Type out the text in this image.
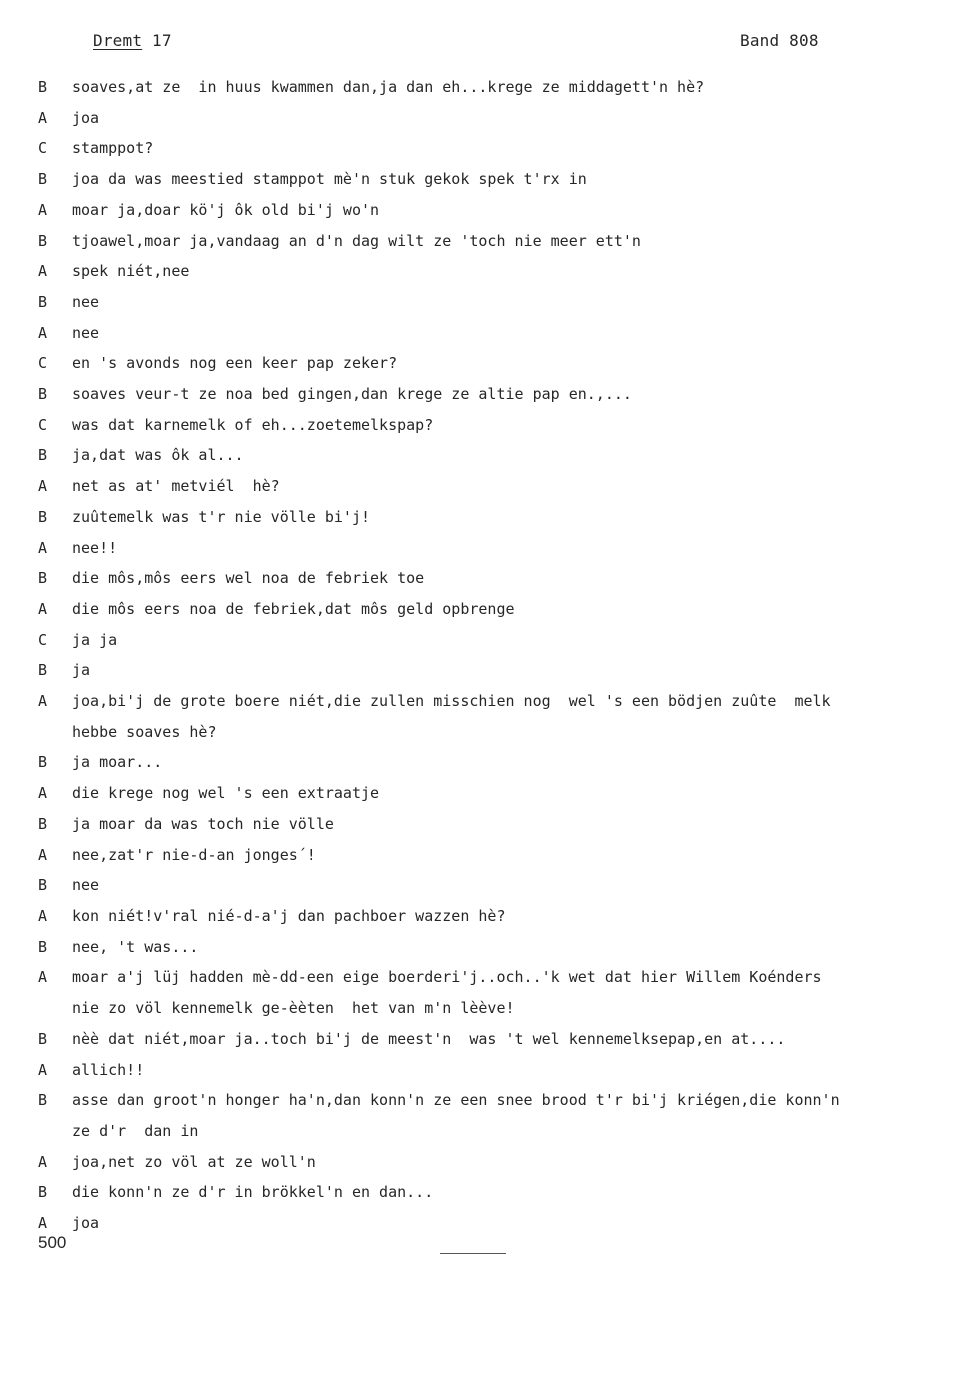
Dremt 17	Band 808
B	soaves,at ze  in huus kwammen dan,ja dan eh...krege ze middagett'n hè?
A	joa
C	stamppot?
B	joa da was meestied stamppot mè'n stuk gekok spek t'rx in
A	moar ja,doar kö'j ôk old bi'j wo'n
B	tjoawel,moar ja,vandaag an d'n dag wilt ze 'toch nie meer ett'n
A	spek niét,nee
B	nee
A	nee
C	en 's avonds nog een keer pap zeker?
B	soaves veur-t ze noa bed gingen,dan krege ze altie pap en.,...
C	was dat karnemelk of eh...zoetemelkspap?
B	ja,dat was ôk al...
A	net as at' metviél  hè?
B	zuûtemelk was t'r nie völle bi'j!
A	nee!!
B	die môs,môs eers wel noa de febriek toe
A	die môs eers noa de febriek,dat môs geld opbrenge
C	ja ja
B	ja
A	joa,bi'j de grote boere niét,die zullen misschien nog  wel 's een bödjen zuûte  melk
hebbe soaves hè?
B	ja moar...
A	die krege nog wel 's een extraatje
B	ja moar da was toch nie völle
A	nee,zat'r nie-d-an jonges´!
B	nee
A	kon niét!v'ral nié-d-a'j dan pachboer wazzen hè?
B	nee, 't was...
A	moar a'j lüj hadden mè-dd-een eige boerderi'j..och..'k wet dat hier Willem Koénders
nie zo völ kennemelk ge-èèten  het van m'n lèève!
B	nèè dat niét,moar ja..toch bi'j de meest'n  was 't wel kennemelksepap,en at....
A	allich!!
B	asse dan groot'n honger ha'n,dan konn'n ze een snee brood t'r bi'j kriégen,die konn'n
ze d'r  dan in
A	joa,net zo völ at ze woll'n
B	die konn'n ze d'r in brökkel'n en dan...
A	joa
500
